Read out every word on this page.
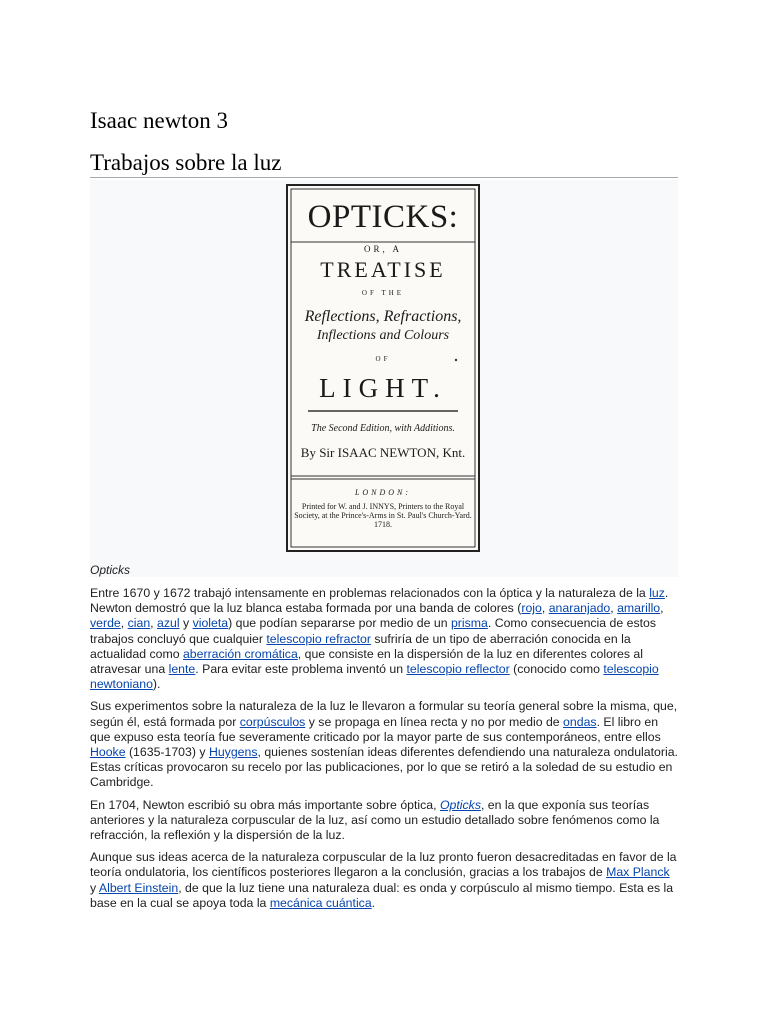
Isaac newton 3
Trabajos sobre la luz
OPTICKS:
OR, A
TREATISE
OF THE
Reflections, Refractions,
Inflections and Colours
OF
LIGHT.
The Second Edition, with Additions.
By Sir ISAAC NEWTON, Knt.
LONDON:
Printed for W. and J. INNYS, Printers to the Royal Society, at the Prince's-Arms in St. Paul's Church-Yard. 1718.

Opticks

Entre 1670 y 1672 trabajó intensamente en problemas relacionados con la óptica y la naturaleza de la luz. Newton demostró que la luz blanca estaba formada por una banda de colores (rojo, anaranjado, amarillo, verde, cian, azul y violeta) que podían separarse por medio de un prisma. Como consecuencia de estos trabajos concluyó que cualquier telescopio refractor sufriría de un tipo de aberración conocida en la actualidad como aberración cromática, que consiste en la dispersión de la luz en diferentes colores al atravesar una lente. Para evitar este problema inventó un telescopio reflector (conocido como telescopio newtoniano).

Sus experimentos sobre la naturaleza de la luz le llevaron a formular su teoría general sobre la misma, que, según él, está formada por corpúsculos y se propaga en línea recta y no por medio de ondas. El libro en que expuso esta teoría fue severamente criticado por la mayor parte de sus contemporáneos, entre ellos Hooke (1635-1703) y Huygens, quienes sostenían ideas diferentes defendiendo una naturaleza ondulatoria. Estas críticas provocaron su recelo por las publicaciones, por lo que se retiró a la soledad de su estudio en Cambridge.

En 1704, Newton escribió su obra más importante sobre óptica, Opticks, en la que exponía sus teorías anteriores y la naturaleza corpuscular de la luz, así como un estudio detallado sobre fenómenos como la refracción, la reflexión y la dispersión de la luz.

Aunque sus ideas acerca de la naturaleza corpuscular de la luz pronto fueron desacreditadas en favor de la teoría ondulatoria, los científicos posteriores llegaron a la conclusión, gracias a los trabajos de Max Planck y Albert Einstein, de que la luz tiene una naturaleza dual: es onda y corpúsculo al mismo tiempo. Esta es la base en la cual se apoya toda la mecánica cuántica.
